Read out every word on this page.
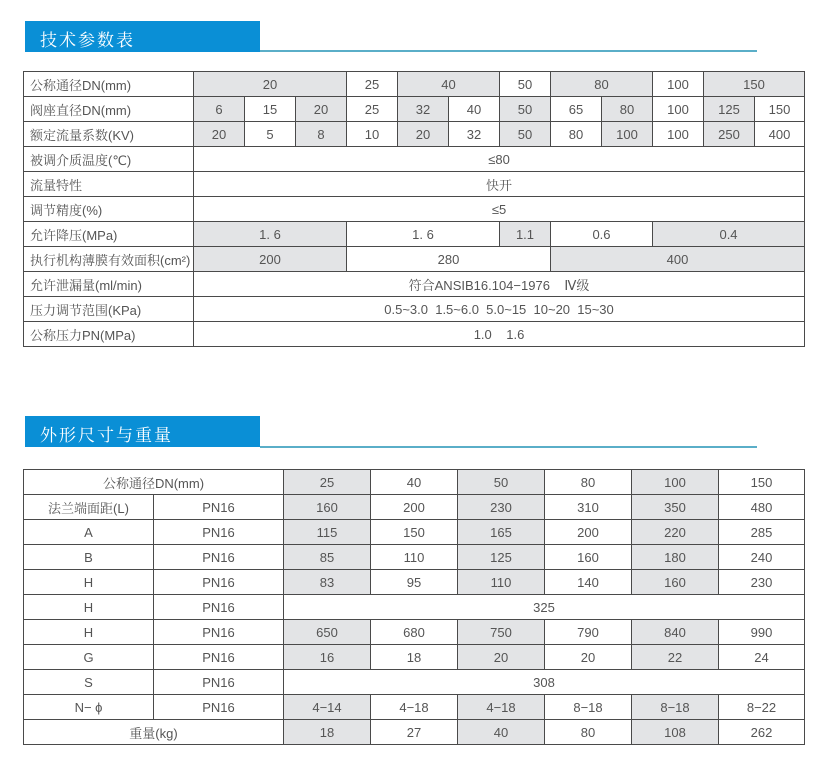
技术参数表
公称通径DN(mm)	20			25	40		50	80		100	150	
阀座直径DN(mm)	6	15	20	25	32	40	50	65	80	100	125	150
额定流量系数(KV)	20	5	8	10	20	32	50	80	100	100	250	400
被调介质温度(℃)	≤80											
流量特性	快开											
调节精度(%)	≤5											
允许降压(MPa)	1. 6			1. 6			1.1	0.6		0.4		
执行机构薄膜有效面积(cm²)	200			280				400				
允许泄漏量(ml/min)	符合ANSIB16.104−1976    Ⅳ级											
压力调节范围(KPa)	0.5~3.0  1.5~6.0  5.0~15  10~20  15~30											
公称压力PN(MPa)	1.0    1.6											
外形尺寸与重量
公称通径DN(mm)		25	40	50	80	100	150
法兰端面距(L)	PN16	160	200	230	310	350	480
A	PN16	115	150	165	200	220	285
B	PN16	85	110	125	160	180	240
H	PN16	83	95	110	140	160	230
H	PN16	325					
H	PN16	650	680	750	790	840	990
G	PN16	16	18	20	20	22	24
S	PN16	308					
N− ϕ	PN16	4−14	4−18	4−18	8−18	8−18	8−22
重量(kg)		18	27	40	80	108	262
